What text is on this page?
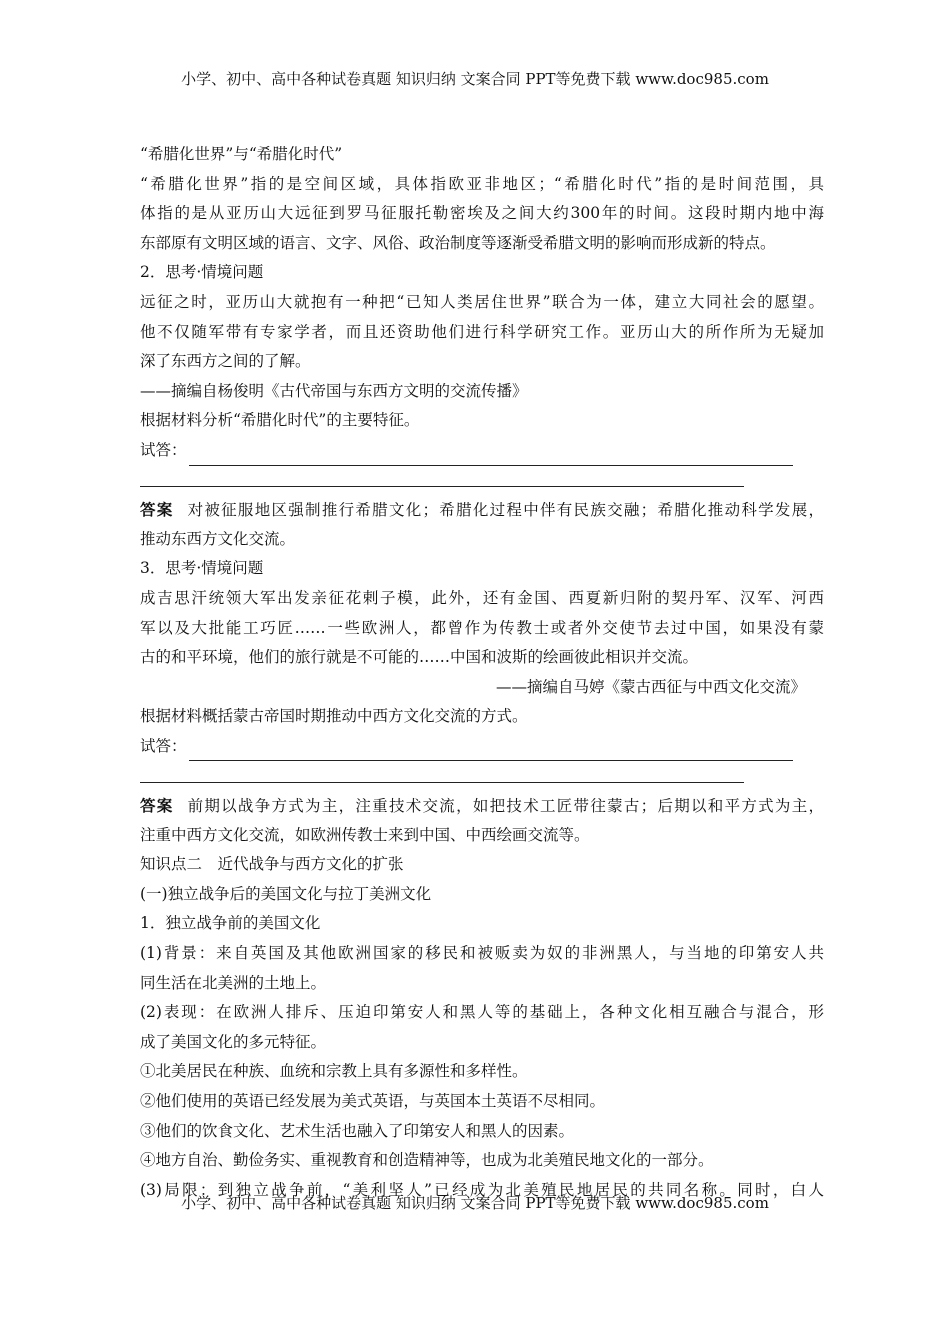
小学、初中、高中各种试卷真题 知识归纳 文案合同 PPT等免费下载 www.doc985.com
“希腊化世界”与“希腊化时代”
“希腊化世界”指的是空间区域，具体指欧亚非地区；“希腊化时代”指的是时间范围，具
体指的是从亚历山大远征到罗马征服托勒密埃及之间大约300年的时间。这段时期内地中海
东部原有文明区域的语言、文字、风俗、政治制度等逐渐受希腊文明的影响而形成新的特点。
2．思考·情境问题
远征之时，亚历山大就抱有一种把“已知人类居住世界”联合为一体，建立大同社会的愿望。
他不仅随军带有专家学者，而且还资助他们进行科学研究工作。亚历山大的所作所为无疑加
深了东西方之间的了解。
——摘编自杨俊明《古代帝国与东西方文明的交流传播》
根据材料分析“希腊化时代”的主要特征。
试答：
答案 对被征服地区强制推行希腊文化；希腊化过程中伴有民族交融；希腊化推动科学发展，
推动东西方文化交流。
3．思考·情境问题
成吉思汗统领大军出发亲征花剌子模，此外，还有金国、西夏新归附的契丹军、汉军、河西
军以及大批能工巧匠……一些欧洲人，都曾作为传教士或者外交使节去过中国，如果没有蒙
古的和平环境，他们的旅行就是不可能的……中国和波斯的绘画彼此相识并交流。
——摘编自马婷《蒙古西征与中西文化交流》
根据材料概括蒙古帝国时期推动中西方文化交流的方式。
试答：
答案 前期以战争方式为主，注重技术交流，如把技术工匠带往蒙古；后期以和平方式为主，
注重中西方文化交流，如欧洲传教士来到中国、中西绘画交流等。
知识点二　近代战争与西方文化的扩张
(一)独立战争后的美国文化与拉丁美洲文化
1．独立战争前的美国文化
(1)背景：来自英国及其他欧洲国家的移民和被贩卖为奴的非洲黑人，与当地的印第安人共
同生活在北美洲的土地上。
(2)表现：在欧洲人排斥、压迫印第安人和黑人等的基础上，各种文化相互融合与混合，形
成了美国文化的多元特征。
①北美居民在种族、血统和宗教上具有多源性和多样性。
②他们使用的英语已经发展为美式英语，与英国本土英语不尽相同。
③他们的饮食文化、艺术生活也融入了印第安人和黑人的因素。
④地方自治、勤俭务实、重视教育和创造精神等，也成为北美殖民地文化的一部分。
(3)局限：到独立战争前，“美利坚人”已经成为北美殖民地居民的共同名称。同时，白人
小学、初中、高中各种试卷真题 知识归纳 文案合同 PPT等免费下载 www.doc985.com
